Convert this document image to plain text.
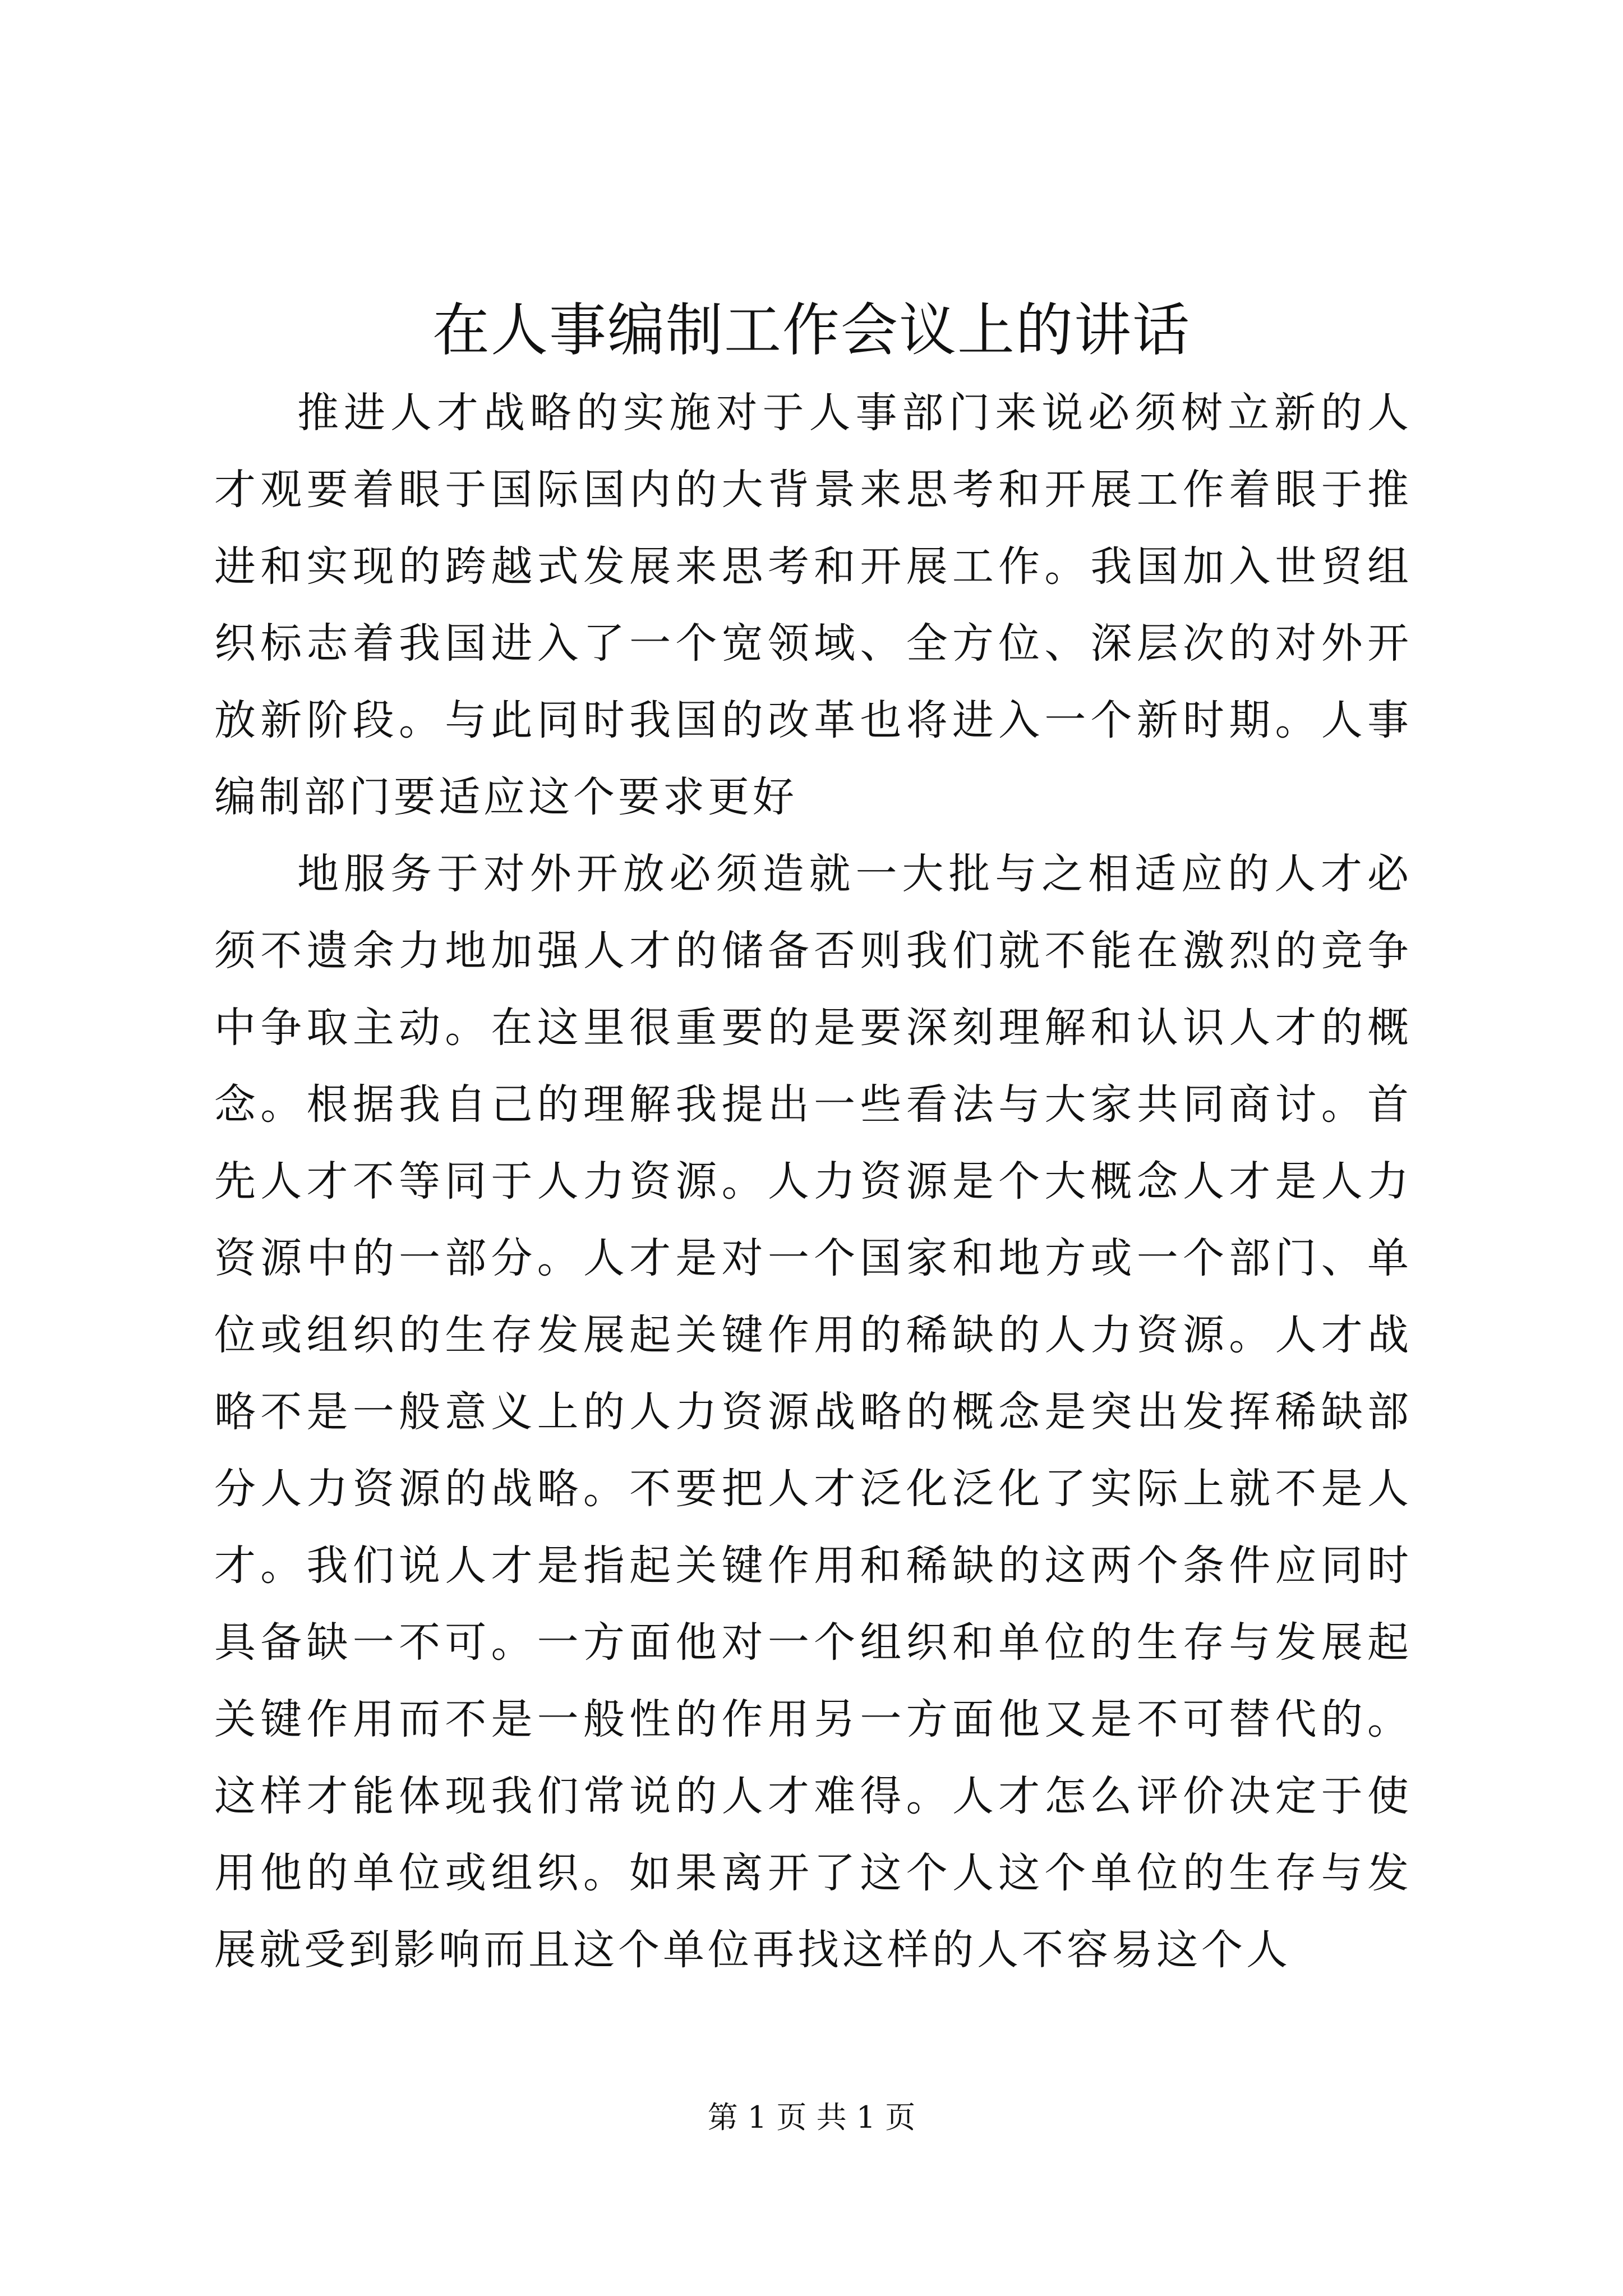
在人事编制工作会议上的讲话

推进人才战略的实施对于人事部门来说必须树立新的人才观要着眼于国际国内的大背景来思考和开展工作着眼于推进和实现的跨越式发展来思考和开展工作。我国加入世贸组织标志着我国进入了一个宽领域、全方位、深层次的对外开放新阶段。与此同时我国的改革也将进入一个新时期。人事编制部门要适应这个要求更好

地服务于对外开放必须造就一大批与之相适应的人才必须不遗余力地加强人才的储备否则我们就不能在激烈的竞争中争取主动。在这里很重要的是要深刻理解和认识人才的概念。根据我自己的理解我提出一些看法与大家共同商讨。首先人才不等同于人力资源。人力资源是个大概念人才是人力资源中的一部分。人才是对一个国家和地方或一个部门、单位或组织的生存发展起关键作用的稀缺的人力资源。人才战略不是一般意义上的人力资源战略的概念是突出发挥稀缺部分人力资源的战略。不要把人才泛化泛化了实际上就不是人才。我们说人才是指起关键作用和稀缺的这两个条件应同时具备缺一不可。一方面他对一个组织和单位的生存与发展起关键作用而不是一般性的作用另一方面他又是不可替代的。这样才能体现我们常说的人才难得。人才怎么评价决定于使用他的单位或组织。如果离开了这个人这个单位的生存与发展就受到影响而且这个单位再找这样的人不容易这个人

第 1 页 共 1 页
